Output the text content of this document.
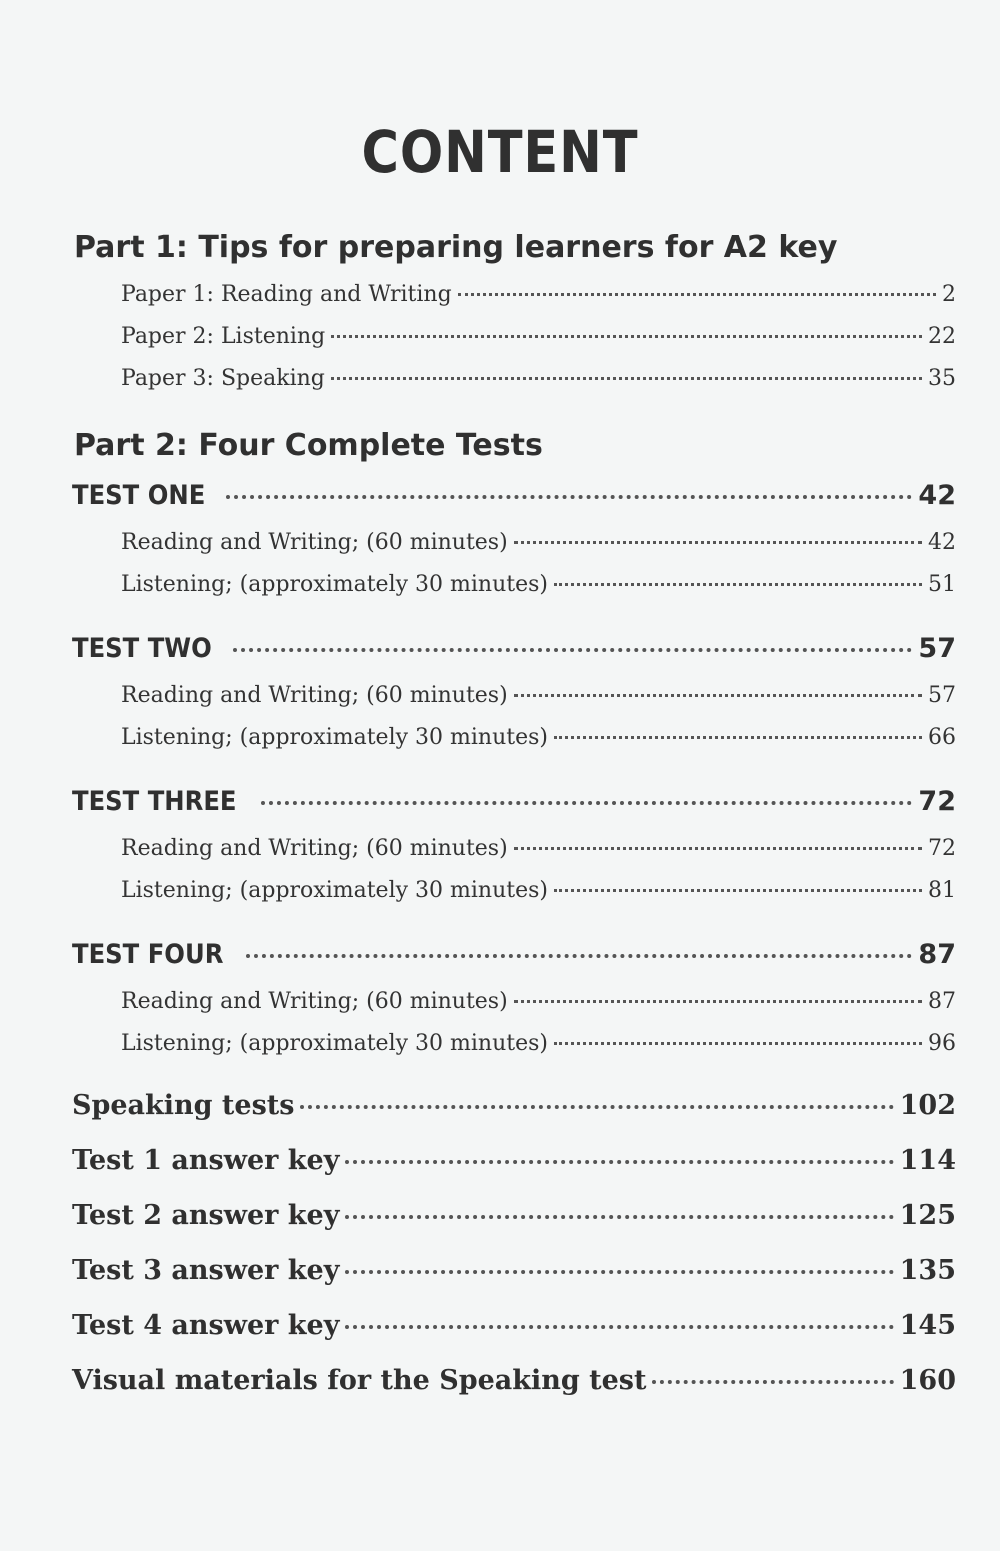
CONTENT
Part 1: Tips for preparing learners for A2 key
Paper 1: Reading and Writing	2
Paper 2: Listening	22
Paper 3: Speaking	35
Part 2: Four Complete Tests
TEST ONE	42
Reading and Writing; (60 minutes)	42
Listening; (approximately 30 minutes)	51
TEST TWO	57
Reading and Writing; (60 minutes)	57
Listening; (approximately 30 minutes)	66
TEST THREE	72
Reading and Writing; (60 minutes)	72
Listening; (approximately 30 minutes)	81
TEST FOUR	87
Reading and Writing; (60 minutes)	87
Listening; (approximately 30 minutes)	96
Speaking tests	102
Test 1 answer key	114
Test 2 answer key	125
Test 3 answer key	135
Test 4 answer key	145
Visual materials for the Speaking test	160
